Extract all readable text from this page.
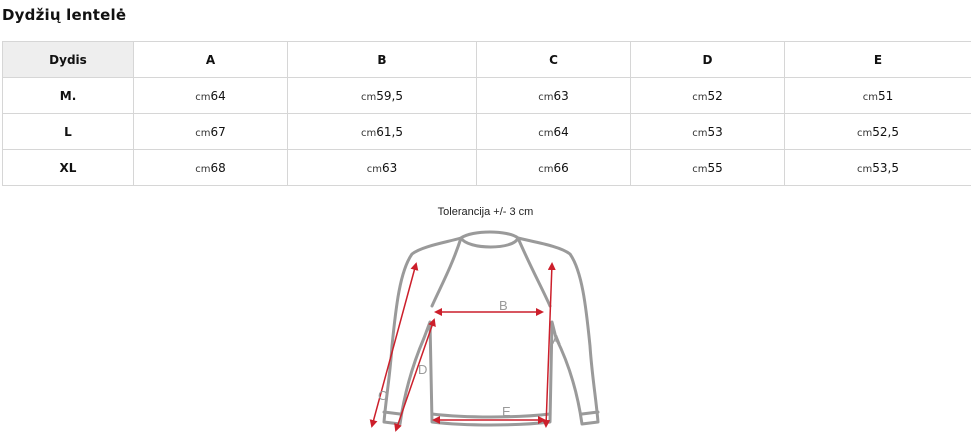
Dydžių lentelė
Dydis	A	B	C	D	E
M.	cm64	cm59,5	cm63	cm52	cm51
L	cm67	cm61,5	cm64	cm53	cm52,5
XL	cm68	cm63	cm66	cm55	cm53,5
Tolerancija +/- 3 cm
B
A
D
C
E
